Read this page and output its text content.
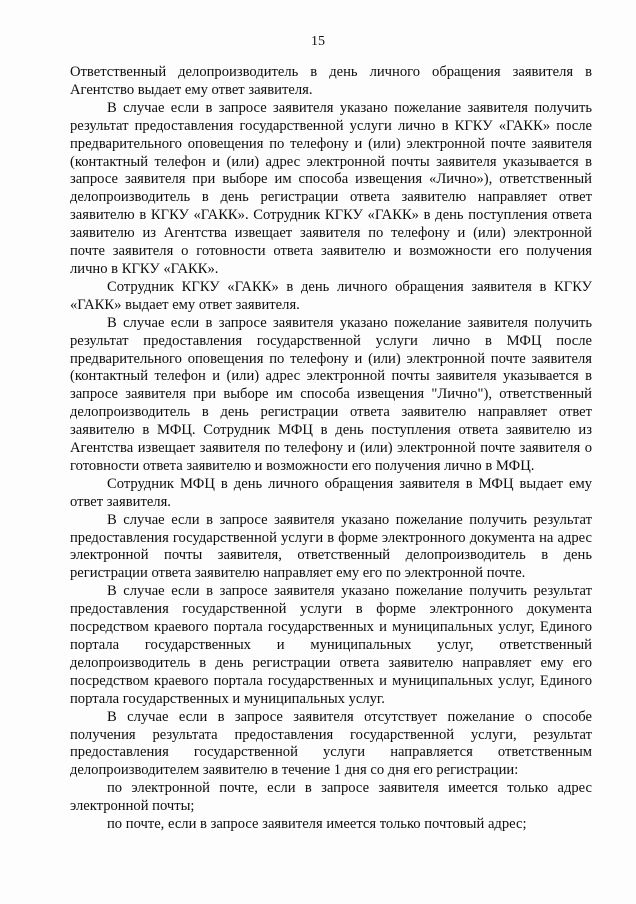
15

Ответственный делопроизводитель в день личного обращения заявителя в Агентство выдает ему ответ заявителя.

В случае если в запросе заявителя указано пожелание заявителя получить результат предоставления государственной услуги лично в КГКУ «ГАКК» после предварительного оповещения по телефону и (или) электронной почте заявителя (контактный телефон и (или) адрес электронной почты заявителя указывается в запросе заявителя при выборе им способа извещения «Лично»), ответственный делопроизводитель в день регистрации ответа заявителю направляет ответ заявителю в КГКУ «ГАКК». Сотрудник КГКУ «ГАКК» в день поступления ответа заявителю из Агентства извещает заявителя по телефону и (или) электронной почте заявителя о готовности ответа заявителю и возможности его получения лично в КГКУ «ГАКК».

Сотрудник КГКУ «ГАКК» в день личного обращения заявителя в КГКУ «ГАКК» выдает ему ответ заявителя.

В случае если в запросе заявителя указано пожелание заявителя получить результат предоставления государственной услуги лично в МФЦ после предварительного оповещения по телефону и (или) электронной почте заявителя (контактный телефон и (или) адрес электронной почты заявителя указывается в запросе заявителя при выборе им способа извещения "Лично"), ответственный делопроизводитель в день регистрации ответа заявителю направляет ответ заявителю в МФЦ. Сотрудник МФЦ в день поступления ответа заявителю из Агентства извещает заявителя по телефону и (или) электронной почте заявителя о готовности ответа заявителю и возможности его получения лично в МФЦ.

Сотрудник МФЦ в день личного обращения заявителя в МФЦ выдает ему ответ заявителя.

В случае если в запросе заявителя указано пожелание получить результат предоставления государственной услуги в форме электронного документа на адрес электронной почты заявителя, ответственный делопроизводитель в день регистрации ответа заявителю направляет ему его по электронной почте.

В случае если в запросе заявителя указано пожелание получить результат предоставления государственной услуги в форме электронного документа посредством краевого портала государственных и муниципальных услуг, Единого портала государственных и муниципальных услуг, ответственный делопроизводитель в день регистрации ответа заявителю направляет ему его посредством краевого портала государственных и муниципальных услуг, Единого портала государственных и муниципальных услуг.

В случае если в запросе заявителя отсутствует пожелание о способе получения результата предоставления государственной услуги, результат предоставления государственной услуги направляется ответственным делопроизводителем заявителю в течение 1 дня со дня его регистрации:

по электронной почте, если в запросе заявителя имеется только адрес электронной почты;

по почте, если в запросе заявителя имеется только почтовый адрес;
